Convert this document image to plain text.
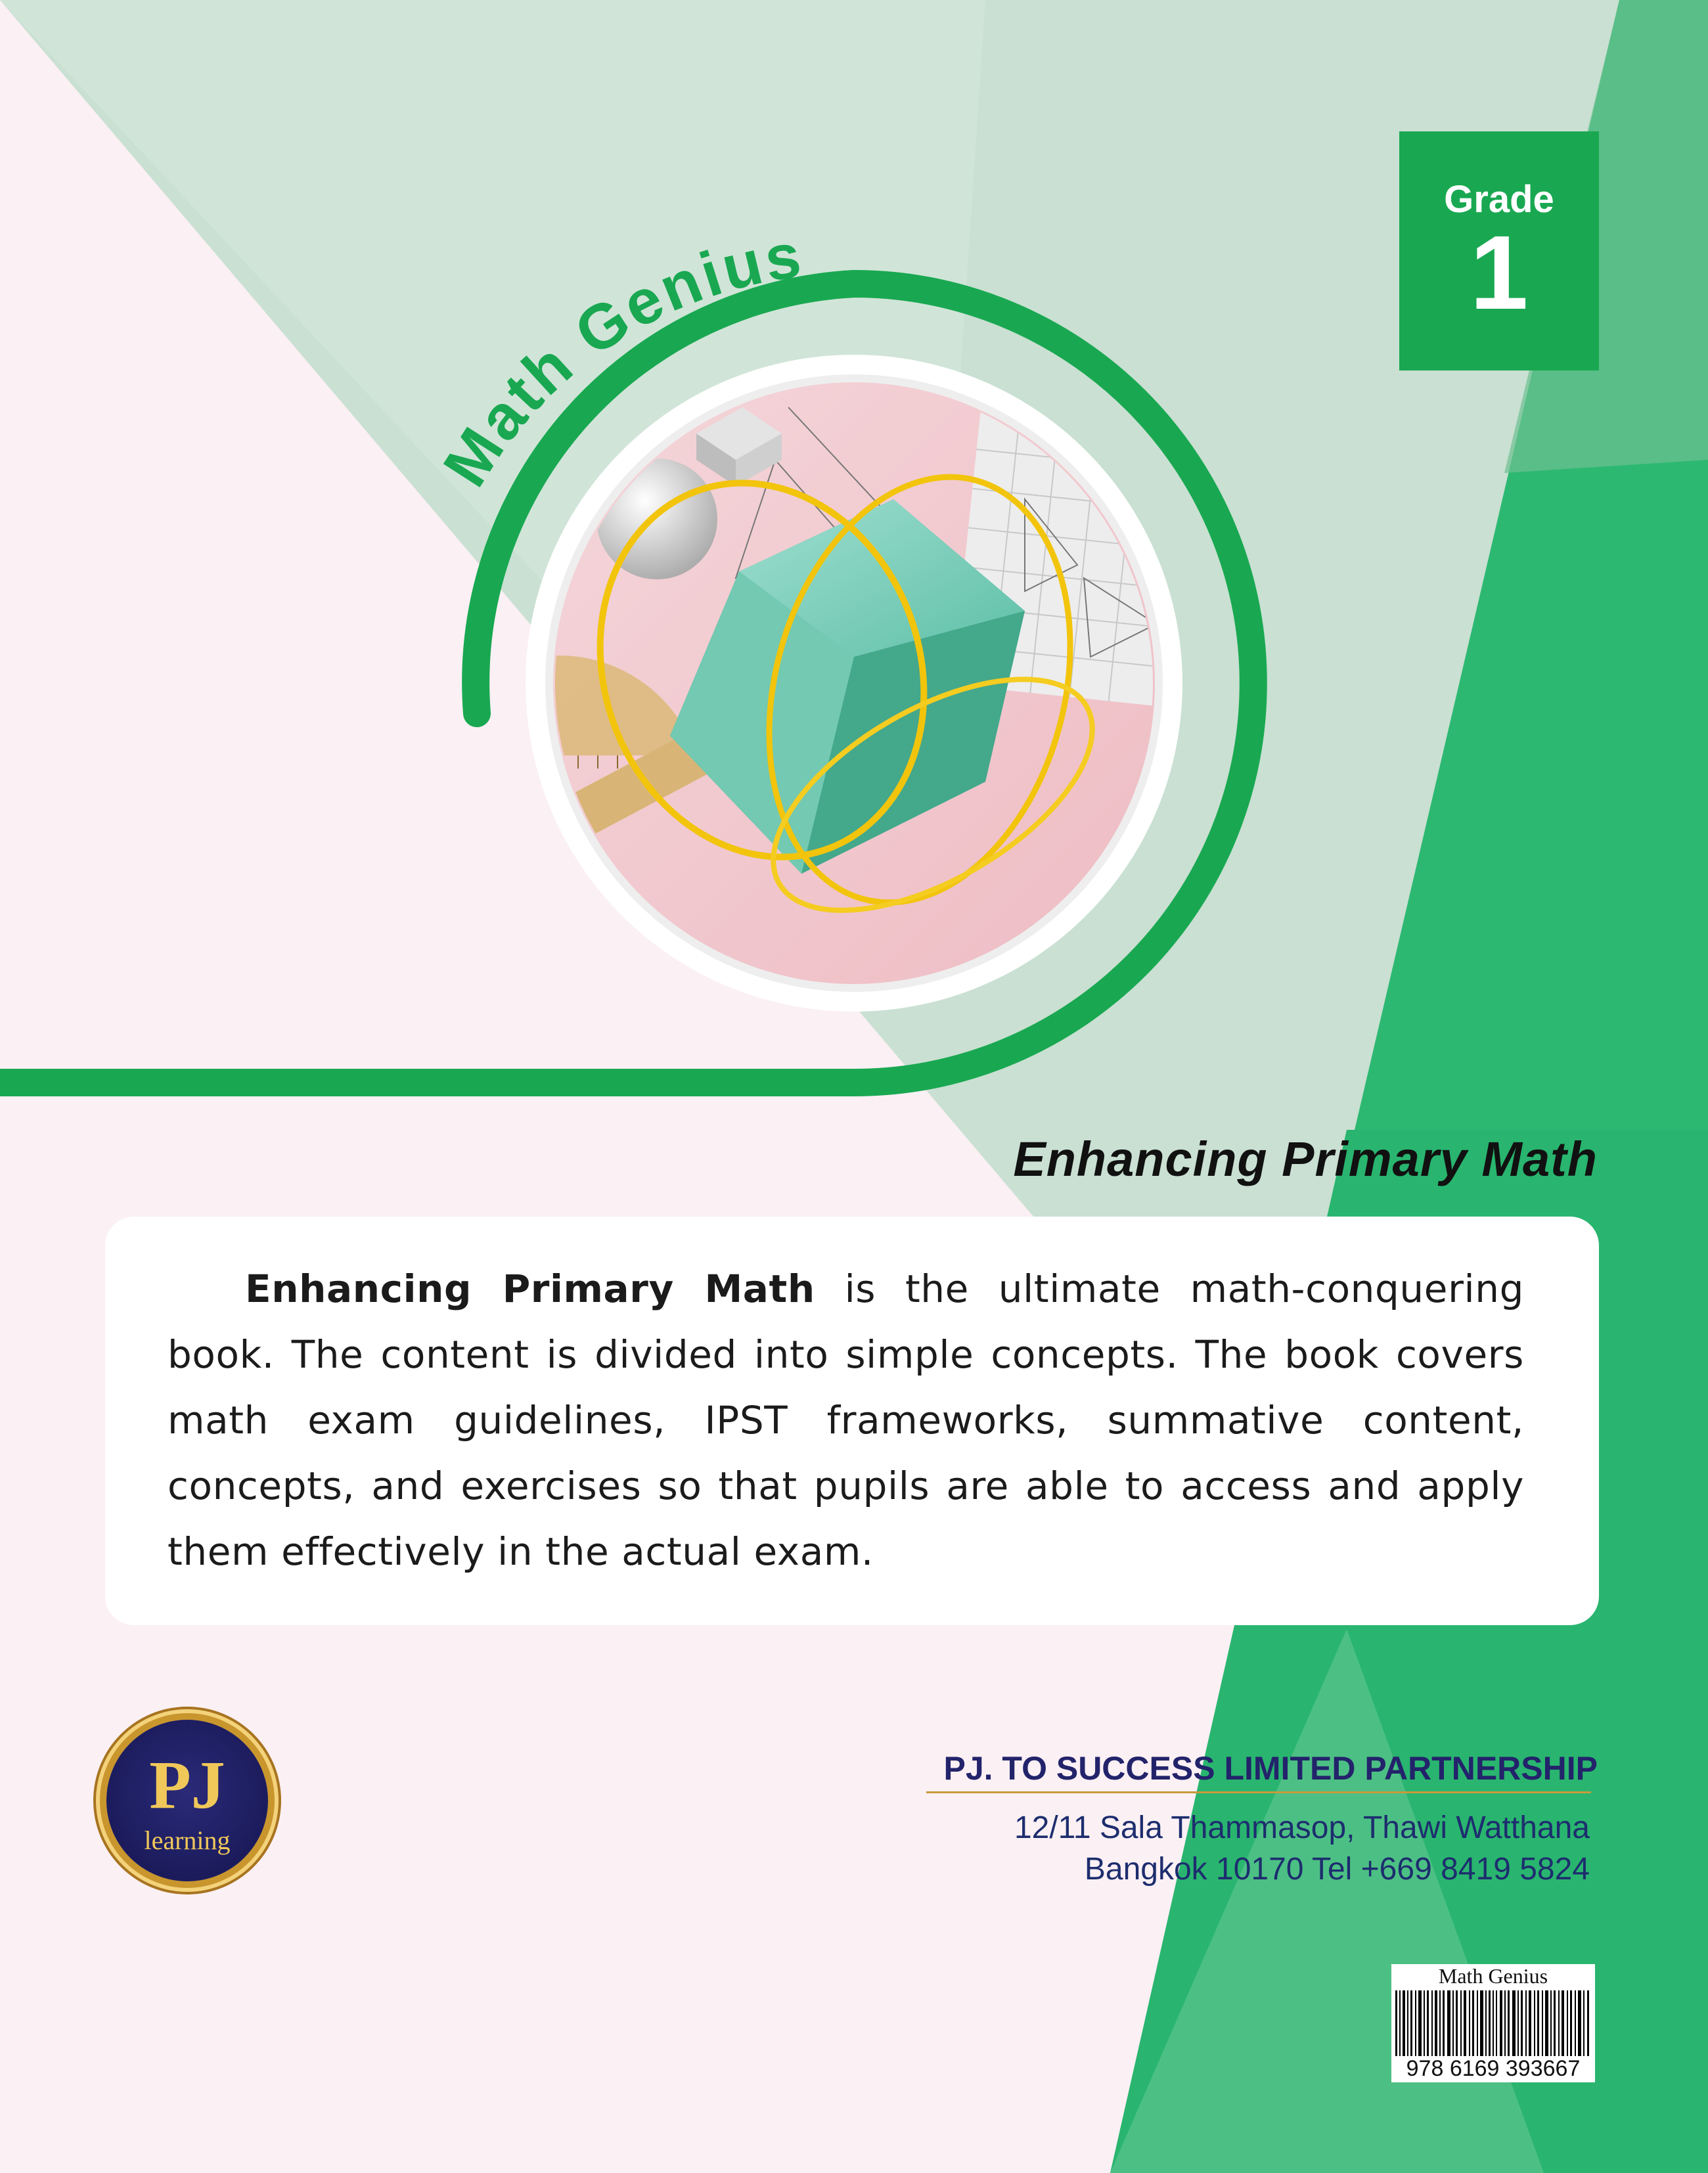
Math Genius
Grade
1
Enhancing Primary Math
Enhancing Primary Math is the ultimate math-conquering book. The content is divided into simple concepts. The book covers math exam guidelines, IPST frameworks, summative content, concepts, and exercises so that pupils are able to access and apply them effectively in the actual exam.
PJ
learning
PJ. TO SUCCESS LIMITED PARTNERSHIP
12/11 Sala Thammasop, Thawi Watthana
Bangkok 10170 Tel +669 8419 5824
Math Genius
978 6169 393667
